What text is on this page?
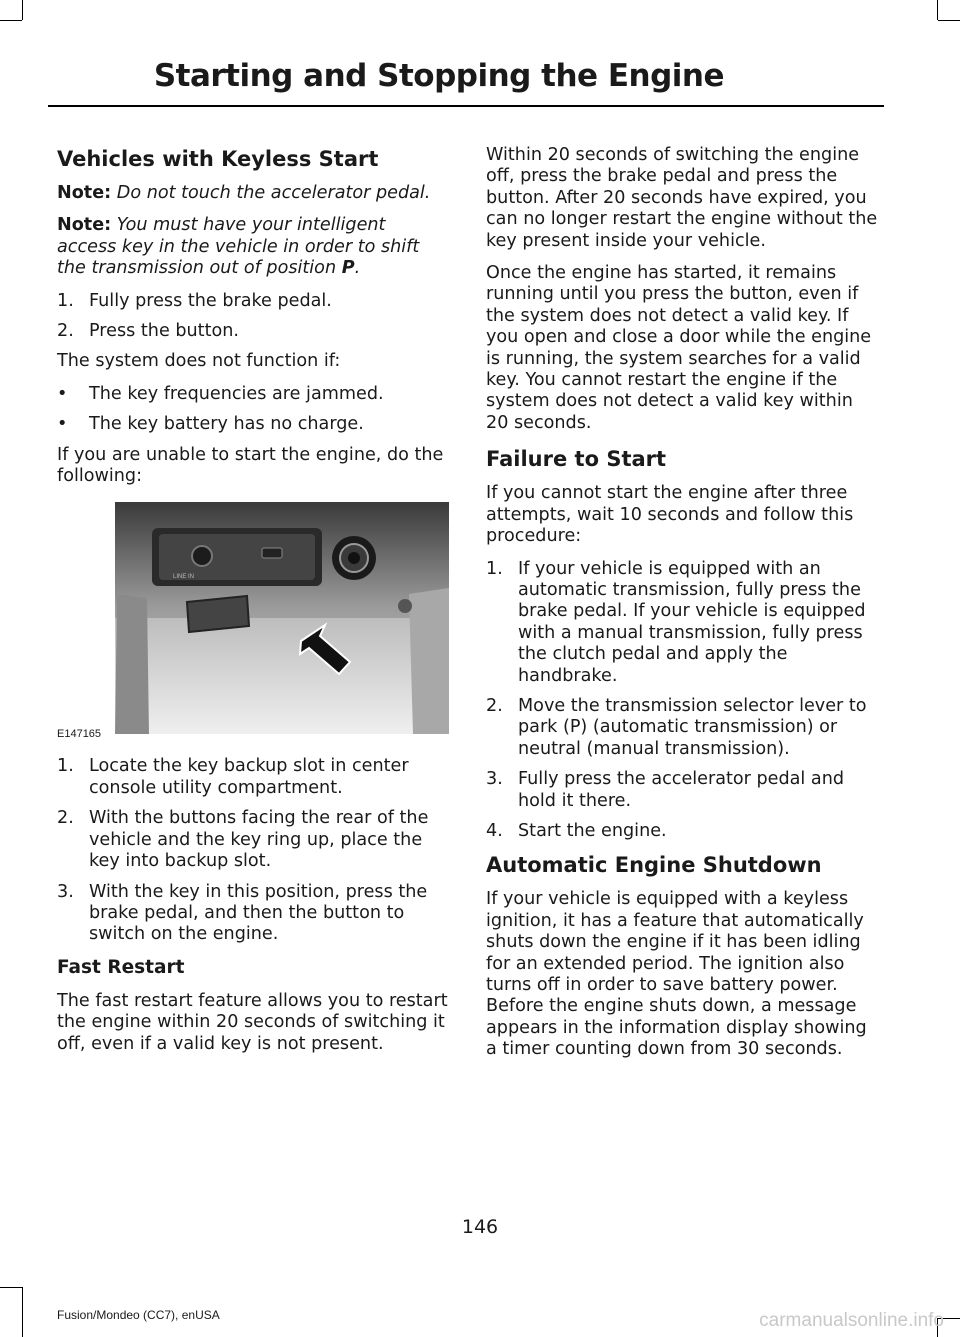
Starting and Stopping the Engine
Vehicles with Keyless Start

Note: Do not touch the accelerator pedal.

Note: You must have your intelligent access key in the vehicle in order to shift the transmission out of position P.

1. Fully press the brake pedal.
2. Press the button.

The system does not function if:

• The key frequencies are jammed.
• The key battery has no charge.

If you are unable to start the engine, do the following:

LINE IN
E147165
1. Locate the key backup slot in center console utility compartment.
2. With the buttons facing the rear of the vehicle and the key ring up, place the key into backup slot.
3. With the key in this position, press the brake pedal, and then the button to switch on the engine.
Fast Restart

The fast restart feature allows you to restart the engine within 20 seconds of switching it off, even if a valid key is not present.

Within 20 seconds of switching the engine off, press the brake pedal and press the button. After 20 seconds have expired, you can no longer restart the engine without the key present inside your vehicle.

Once the engine has started, it remains running until you press the button, even if the system does not detect a valid key. If you open and close a door while the engine is running, the system searches for a valid key. You cannot restart the engine if the system does not detect a valid key within 20 seconds.

Failure to Start

If you cannot start the engine after three attempts, wait 10 seconds and follow this procedure:

1. If your vehicle is equipped with an automatic transmission, fully press the brake pedal. If your vehicle is equipped with a manual transmission, fully press the clutch pedal and apply the handbrake.
2. Move the transmission selector lever to park (P) (automatic transmission) or neutral (manual transmission).
3. Fully press the accelerator pedal and hold it there.
4. Start the engine.
Automatic Engine Shutdown

If your vehicle is equipped with a keyless ignition, it has a feature that automatically shuts down the engine if it has been idling for an extended period. The ignition also turns off in order to save battery power. Before the engine shuts down, a message appears in the information display showing a timer counting down from 30 seconds.

146
Fusion/Mondeo (CC7), enUSA	carmanualsonline.info
